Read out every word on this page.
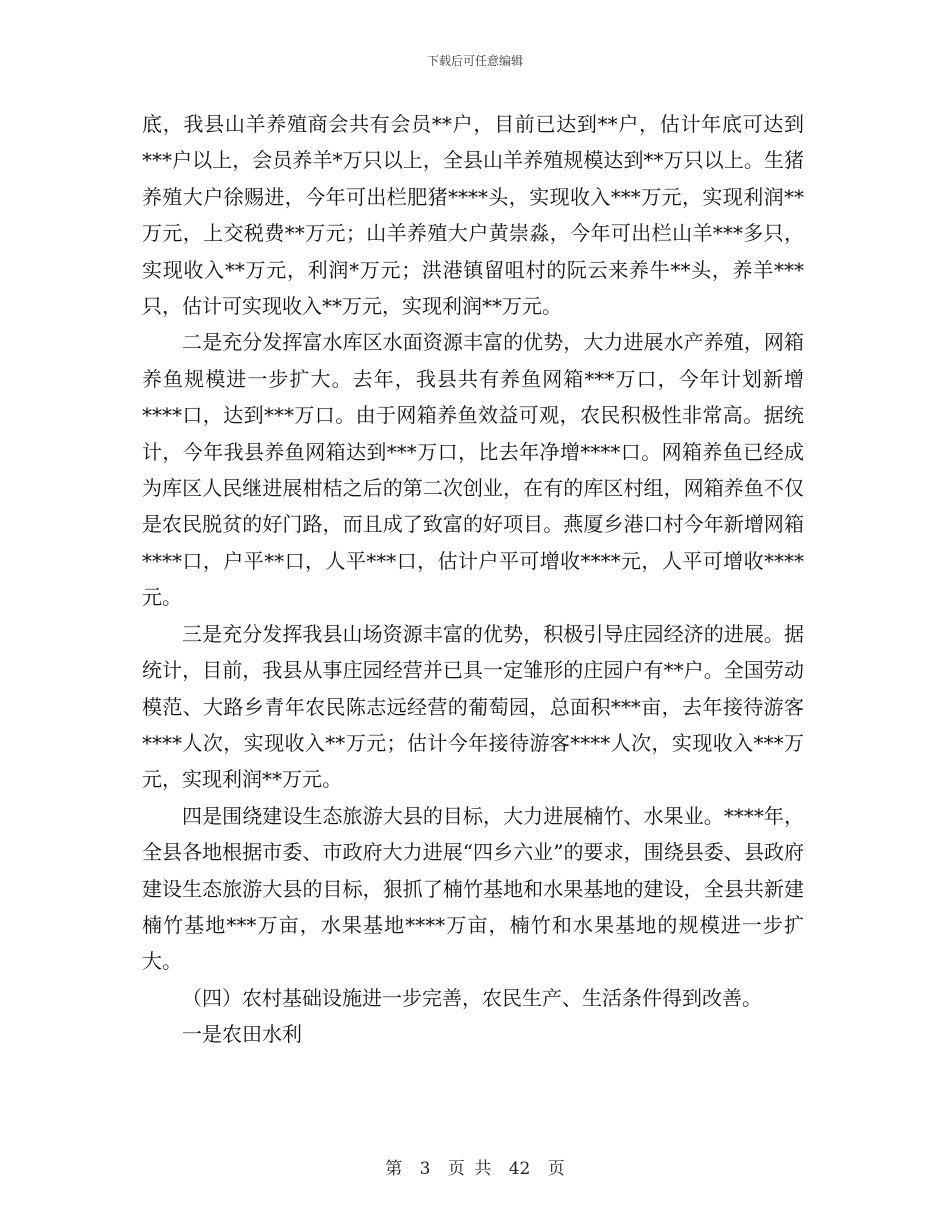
下载后可任意编辑

底，我县山羊养殖商会共有会员**户，目前已达到**户，估计年底可达到***户以上，会员养羊*万只以上，全县山羊养殖规模达到**万只以上。生猪养殖大户徐赐进，今年可出栏肥猪****头，实现收入***万元，实现利润**万元，上交税费**万元；山羊养殖大户黄崇淼，今年可出栏山羊***多只，实现收入**万元，利润*万元；洪港镇留咀村的阮云来养牛**头，养羊***只，估计可实现收入**万元，实现利润**万元。

二是充分发挥富水库区水面资源丰富的优势，大力进展水产养殖，网箱养鱼规模进一步扩大。去年，我县共有养鱼网箱***万口，今年计划新增****口，达到***万口。由于网箱养鱼效益可观，农民积极性非常高。据统计，今年我县养鱼网箱达到***万口，比去年净增****口。网箱养鱼已经成为库区人民继进展柑桔之后的第二次创业，在有的库区村组，网箱养鱼不仅是农民脱贫的好门路，而且成了致富的好项目。燕厦乡港口村今年新增网箱****口，户平**口，人平***口，估计户平可增收****元，人平可增收****元。

三是充分发挥我县山场资源丰富的优势，积极引导庄园经济的进展。据统计，目前，我县从事庄园经营并已具一定雏形的庄园户有**户。全国劳动模范、大路乡青年农民陈志远经营的葡萄园，总面积***亩，去年接待游客****人次，实现收入**万元；估计今年接待游客****人次，实现收入***万元，实现利润**万元。

四是围绕建设生态旅游大县的目标，大力进展楠竹、水果业。****年，全县各地根据市委、市政府大力进展“四乡六业”的要求，围绕县委、县政府建设生态旅游大县的目标，狠抓了楠竹基地和水果基地的建设，全县共新建楠竹基地***万亩，水果基地****万亩，楠竹和水果基地的规模进一步扩大。

（四）农村基础设施进一步完善，农民生产、生活条件得到改善。

一是农田水利

第 3 页 共 42 页
